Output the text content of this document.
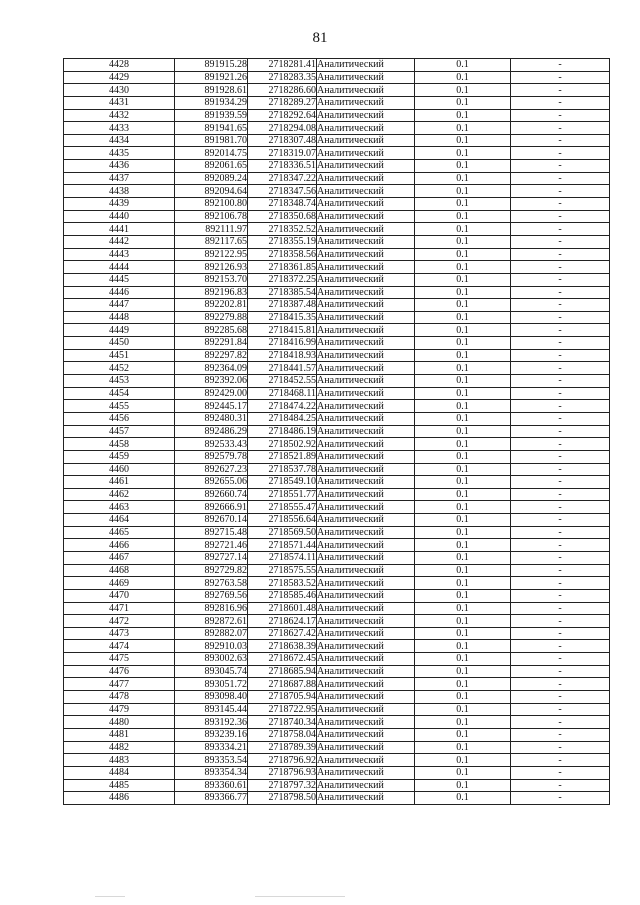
81
4428	891915.28	2718281.41	Аналитический	0.1	-
4429	891921.26	2718283.35	Аналитический	0.1	-
4430	891928.61	2718286.60	Аналитический	0.1	-
4431	891934.29	2718289.27	Аналитический	0.1	-
4432	891939.59	2718292.64	Аналитический	0.1	-
4433	891941.65	2718294.08	Аналитический	0.1	-
4434	891981.70	2718307.48	Аналитический	0.1	-
4435	892014.75	2718319.07	Аналитический	0.1	-
4436	892061.65	2718336.51	Аналитический	0.1	-
4437	892089.24	2718347.22	Аналитический	0.1	-
4438	892094.64	2718347.56	Аналитический	0.1	-
4439	892100.80	2718348.74	Аналитический	0.1	-
4440	892106.78	2718350.68	Аналитический	0.1	-
4441	892111.97	2718352.52	Аналитический	0.1	-
4442	892117.65	2718355.19	Аналитический	0.1	-
4443	892122.95	2718358.56	Аналитический	0.1	-
4444	892126.93	2718361.85	Аналитический	0.1	-
4445	892153.70	2718372.25	Аналитический	0.1	-
4446	892196.83	2718385.54	Аналитический	0.1	-
4447	892202.81	2718387.48	Аналитический	0.1	-
4448	892279.88	2718415.35	Аналитический	0.1	-
4449	892285.68	2718415.81	Аналитический	0.1	-
4450	892291.84	2718416.99	Аналитический	0.1	-
4451	892297.82	2718418.93	Аналитический	0.1	-
4452	892364.09	2718441.57	Аналитический	0.1	-
4453	892392.06	2718452.55	Аналитический	0.1	-
4454	892429.00	2718468.11	Аналитический	0.1	-
4455	892445.17	2718474.22	Аналитический	0.1	-
4456	892480.31	2718484.25	Аналитический	0.1	-
4457	892486.29	2718486.19	Аналитический	0.1	-
4458	892533.43	2718502.92	Аналитический	0.1	-
4459	892579.78	2718521.89	Аналитический	0.1	-
4460	892627.23	2718537.78	Аналитический	0.1	-
4461	892655.06	2718549.10	Аналитический	0.1	-
4462	892660.74	2718551.77	Аналитический	0.1	-
4463	892666.91	2718555.47	Аналитический	0.1	-
4464	892670.14	2718556.64	Аналитический	0.1	-
4465	892715.48	2718569.50	Аналитический	0.1	-
4466	892721.46	2718571.44	Аналитический	0.1	-
4467	892727.14	2718574.11	Аналитический	0.1	-
4468	892729.82	2718575.55	Аналитический	0.1	-
4469	892763.58	2718583.52	Аналитический	0.1	-
4470	892769.56	2718585.46	Аналитический	0.1	-
4471	892816.96	2718601.48	Аналитический	0.1	-
4472	892872.61	2718624.17	Аналитический	0.1	-
4473	892882.07	2718627.42	Аналитический	0.1	-
4474	892910.03	2718638.39	Аналитический	0.1	-
4475	893002.63	2718672.45	Аналитический	0.1	-
4476	893045.74	2718685.94	Аналитический	0.1	-
4477	893051.72	2718687.88	Аналитический	0.1	-
4478	893098.40	2718705.94	Аналитический	0.1	-
4479	893145.44	2718722.95	Аналитический	0.1	-
4480	893192.36	2718740.34	Аналитический	0.1	-
4481	893239.16	2718758.04	Аналитический	0.1	-
4482	893334.21	2718789.39	Аналитический	0.1	-
4483	893353.54	2718796.92	Аналитический	0.1	-
4484	893354.34	2718796.93	Аналитический	0.1	-
4485	893360.61	2718797.32	Аналитический	0.1	-
4486	893366.77	2718798.50	Аналитический	0.1	-
